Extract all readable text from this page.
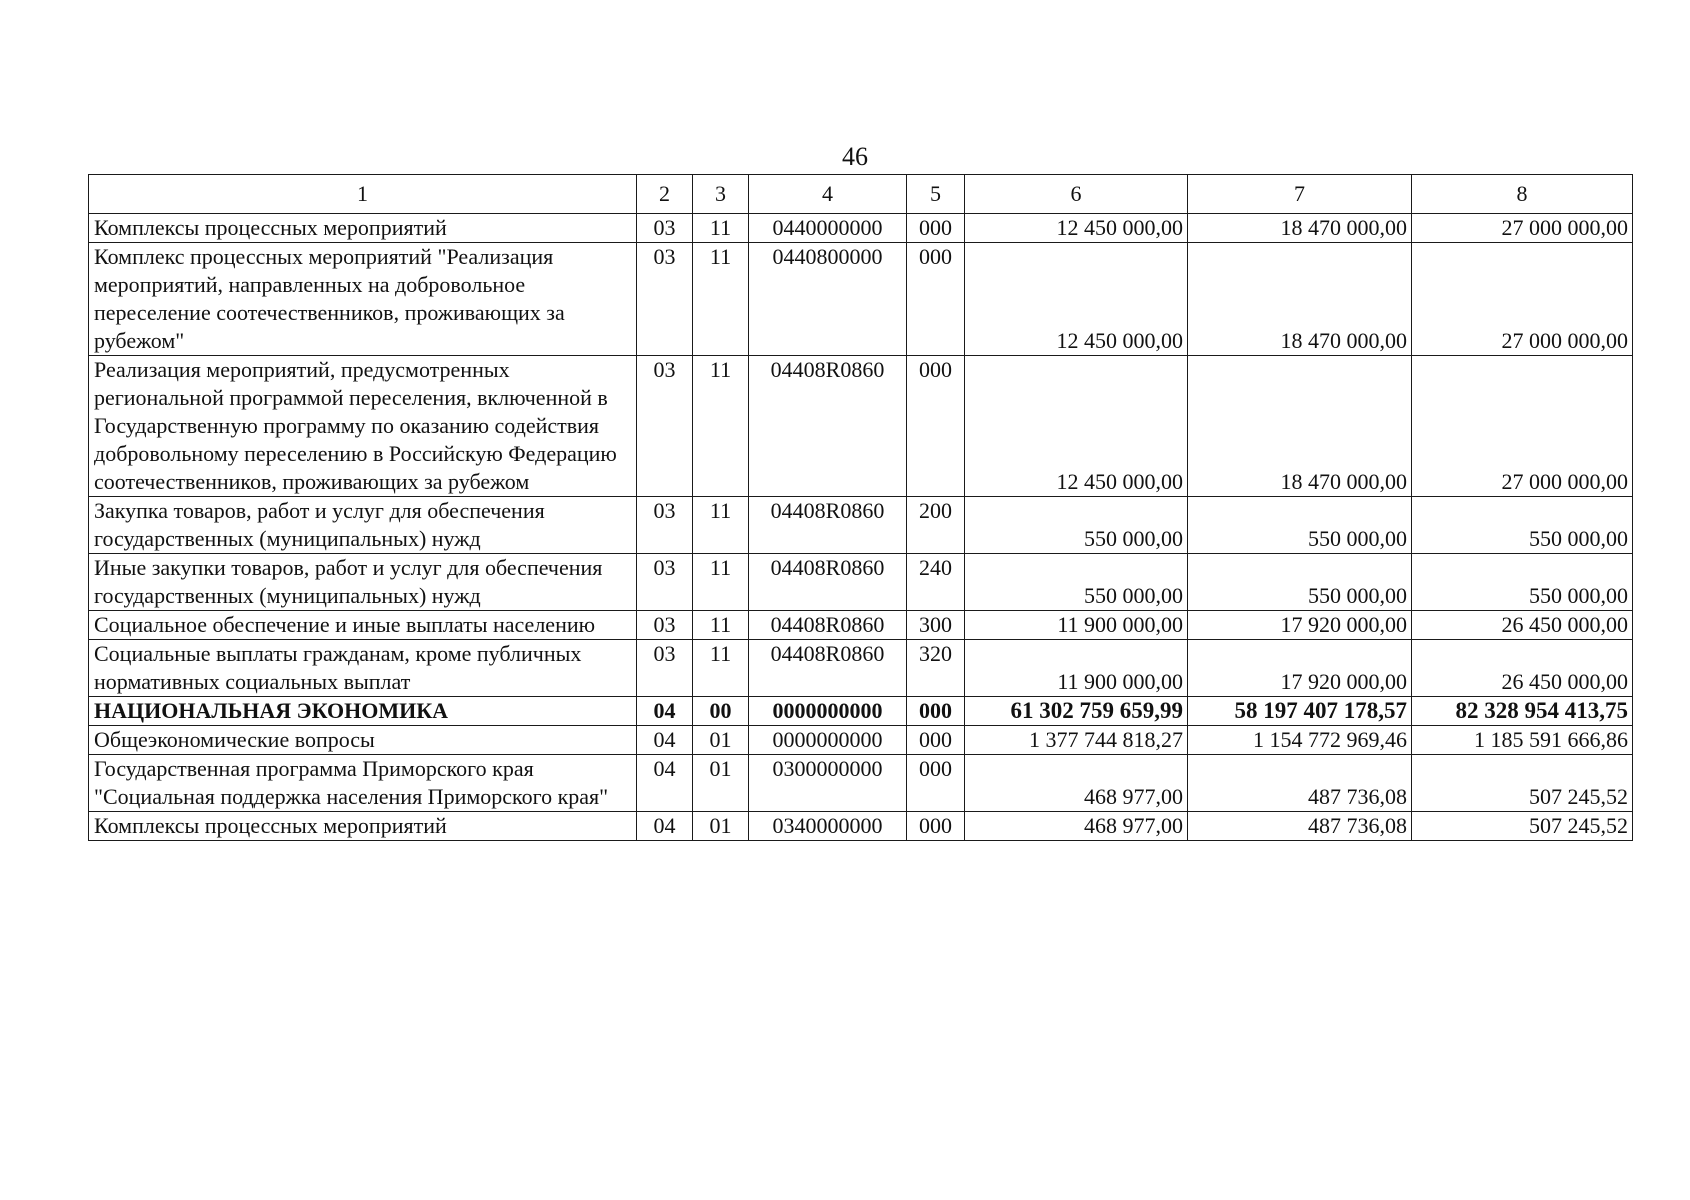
46
1	2	3	4	5	6	7	8
Комплексы процессных мероприятий	03	11	0440000000	000	12 450 000,00	18 470 000,00	27 000 000,00
Комплекс процессных мероприятий "Реализация мероприятий, направленных на добровольное переселение соотечественников, проживающих за рубежом"	03	11	0440800000	000	12 450 000,00	18 470 000,00	27 000 000,00
Реализация мероприятий, предусмотренных региональной программой переселения, включенной в Государственную программу по оказанию содействия добровольному переселению в Российскую Федерацию соотечественников, проживающих за рубежом	03	11	04408R0860	000	12 450 000,00	18 470 000,00	27 000 000,00
Закупка товаров, работ и услуг для обеспечения государственных (муниципальных) нужд	03	11	04408R0860	200	550 000,00	550 000,00	550 000,00
Иные закупки товаров, работ и услуг для обеспечения государственных (муниципальных) нужд	03	11	04408R0860	240	550 000,00	550 000,00	550 000,00
Социальное обеспечение и иные выплаты населению	03	11	04408R0860	300	11 900 000,00	17 920 000,00	26 450 000,00
Социальные выплаты гражданам, кроме публичных нормативных социальных выплат	03	11	04408R0860	320	11 900 000,00	17 920 000,00	26 450 000,00
НАЦИОНАЛЬНАЯ ЭКОНОМИКА	04	00	0000000000	000	61 302 759 659,99	58 197 407 178,57	82 328 954 413,75
Общеэкономические вопросы	04	01	0000000000	000	1 377 744 818,27	1 154 772 969,46	1 185 591 666,86
Государственная программа Приморского края "Социальная поддержка населения Приморского края"	04	01	0300000000	000	468 977,00	487 736,08	507 245,52
Комплексы процессных мероприятий	04	01	0340000000	000	468 977,00	487 736,08	507 245,52
